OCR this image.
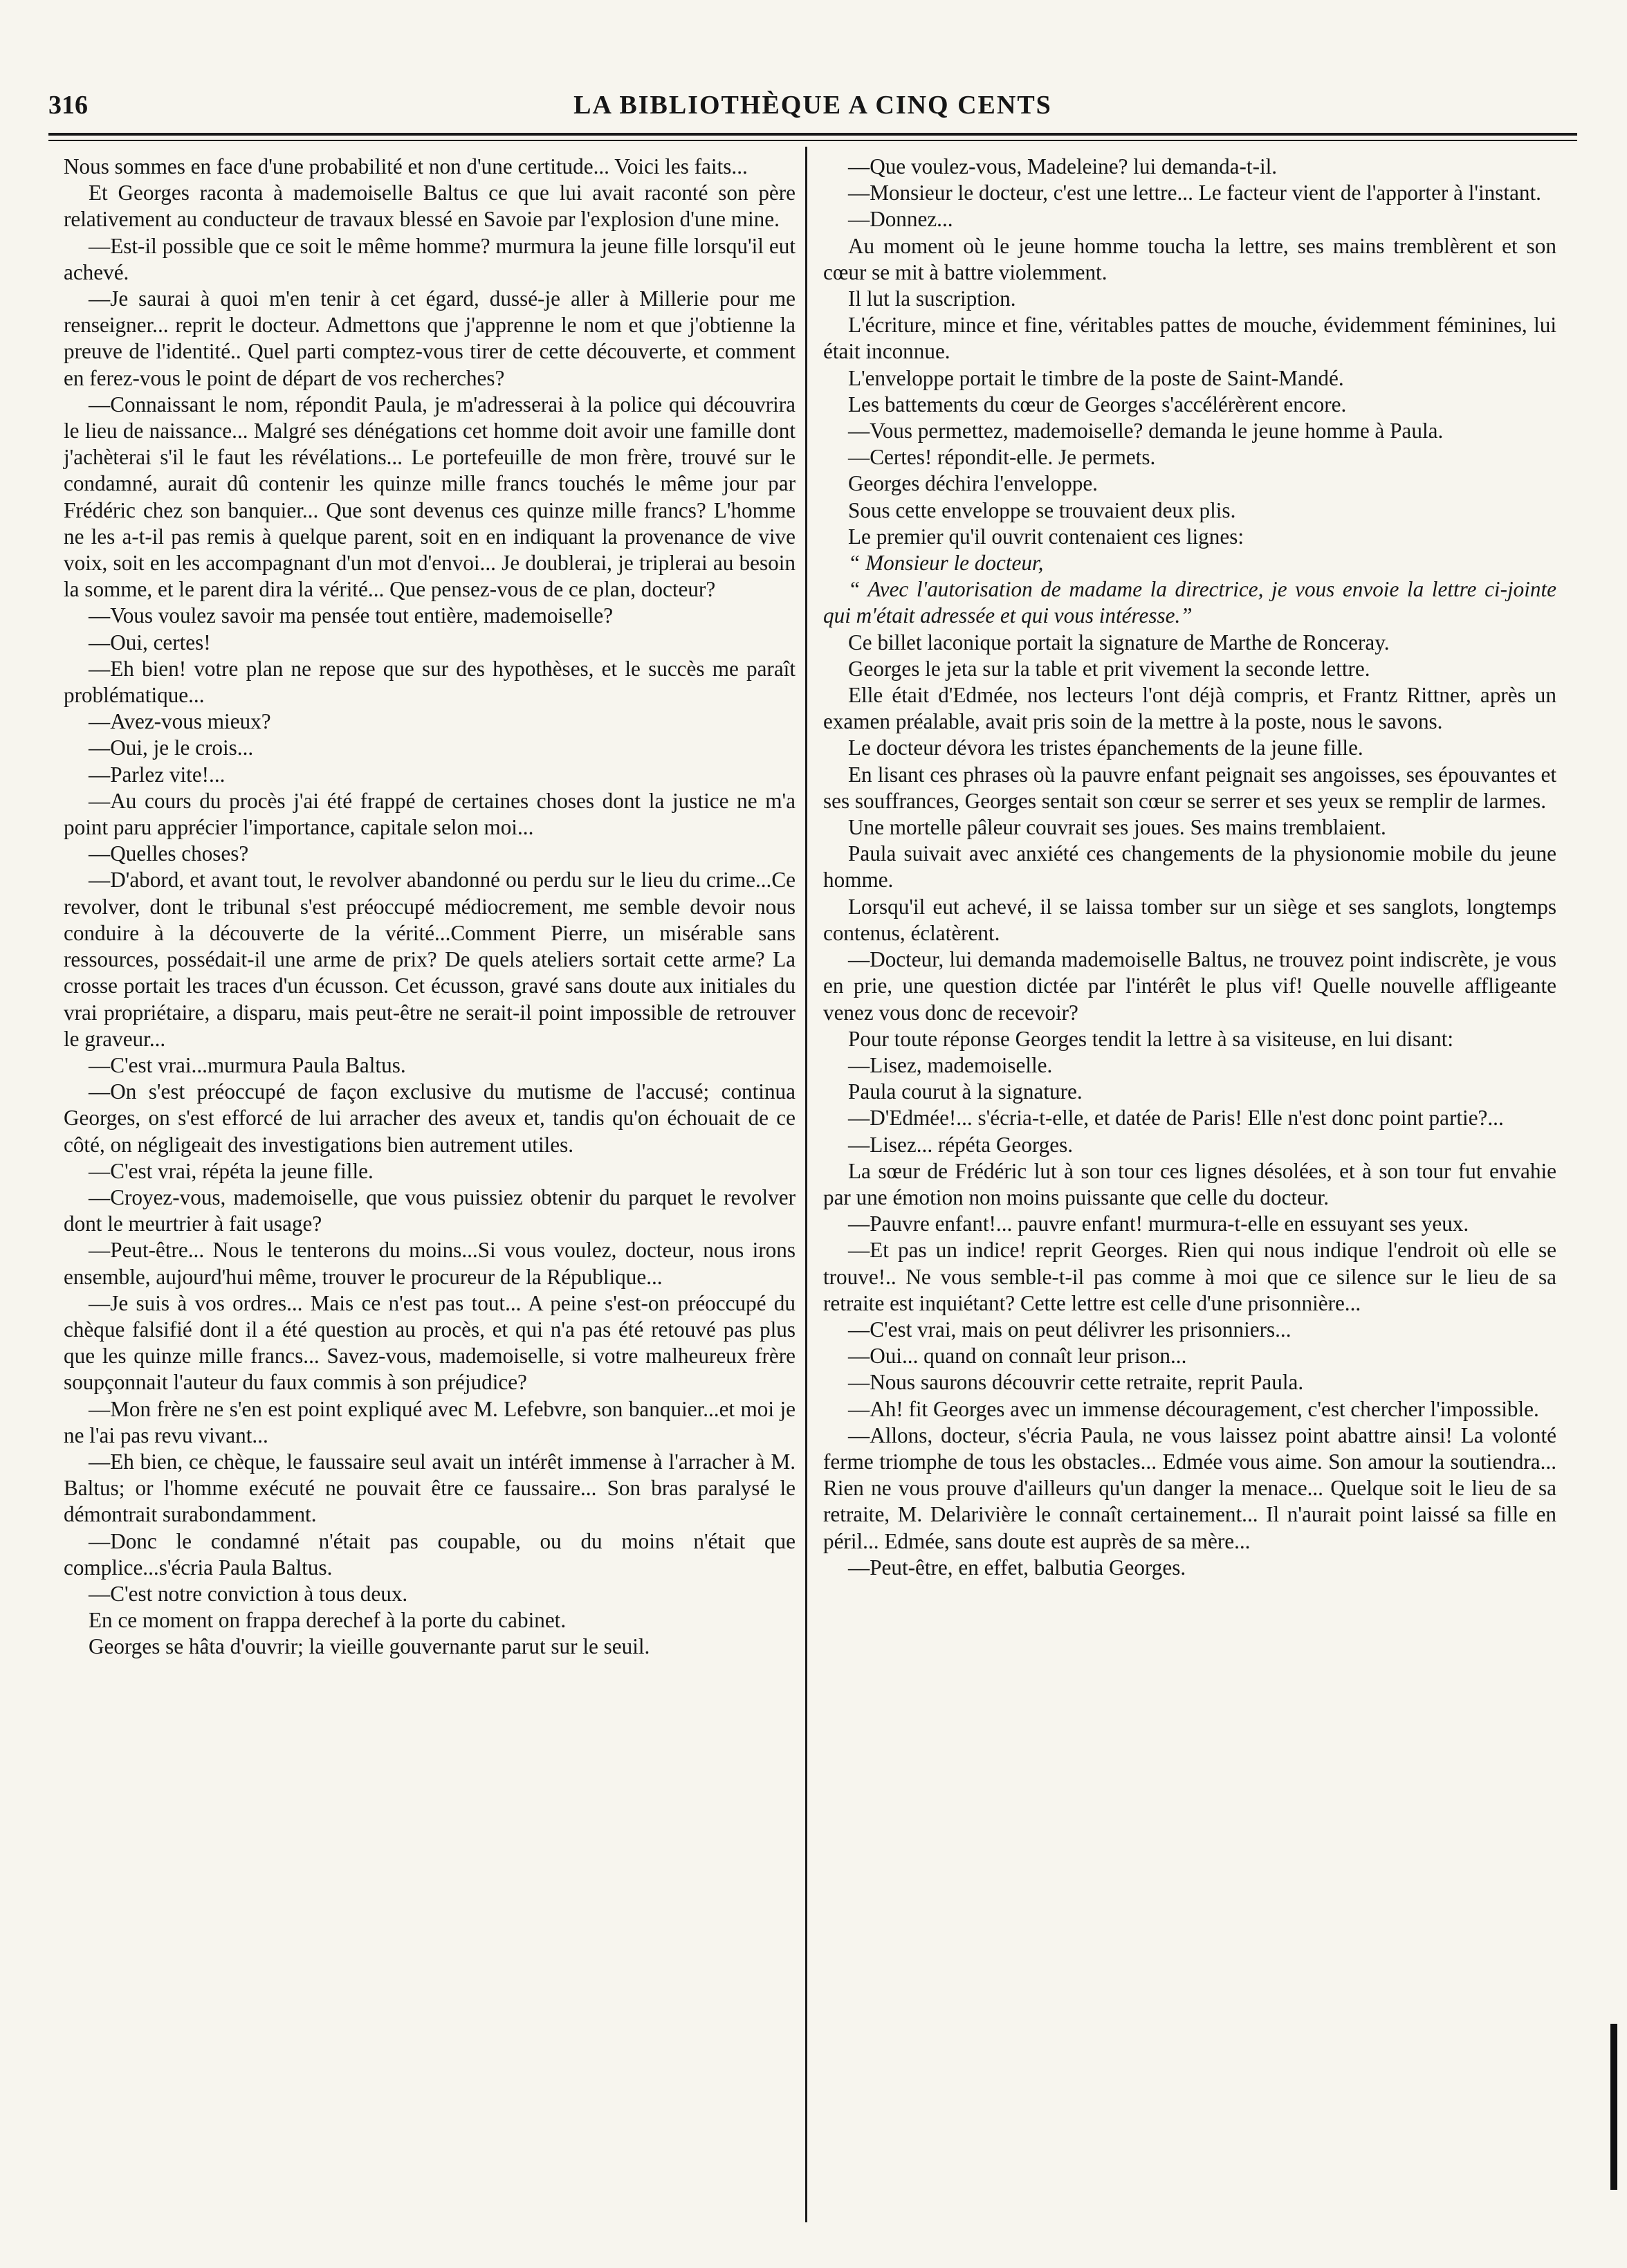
316	LA BIBLIOTHÈQUE A CINQ CENTS

Nous sommes en face d'une probabilité et non d'une certitude... Voici les faits...

Et Georges raconta à mademoiselle Baltus ce que lui avait raconté son père relativement au conducteur de travaux blessé en Savoie par l'explosion d'une mine.

—Est-il possible que ce soit le même homme? murmura la jeune fille lorsqu'il eut achevé.

—Je saurai à quoi m'en tenir à cet égard, dussé-je aller à Millerie pour me renseigner... reprit le docteur. Admettons que j'apprenne le nom et que j'obtienne la preuve de l'identité.. Quel parti comptez-vous tirer de cette découverte, et comment en ferez-vous le point de départ de vos recherches?

—Connaissant le nom, répondit Paula, je m'adresserai à la police qui découvrira le lieu de naissance... Malgré ses dénégations cet homme doit avoir une famille dont j'achèterai s'il le faut les révélations... Le portefeuille de mon frère, trouvé sur le condamné, aurait dû contenir les quinze mille francs touchés le même jour par Frédéric chez son banquier... Que sont devenus ces quinze mille francs? L'homme ne les a-t-il pas remis à quelque parent, soit en en indiquant la provenance de vive voix, soit en les accompagnant d'un mot d'envoi... Je doublerai, je triplerai au besoin la somme, et le parent dira la vérité... Que pensez-vous de ce plan, docteur?

—Vous voulez savoir ma pensée tout entière, mademoiselle?

—Oui, certes!

—Eh bien! votre plan ne repose que sur des hypothèses, et le succès me paraît problématique...

—Avez-vous mieux?

—Oui, je le crois...

—Parlez vite!...

—Au cours du procès j'ai été frappé de certaines choses dont la justice ne m'a point paru apprécier l'importance, capitale selon moi...

—Quelles choses?

—D'abord, et avant tout, le revolver abandonné ou perdu sur le lieu du crime...Ce revolver, dont le tribunal s'est préoccupé médiocrement, me semble devoir nous conduire à la découverte de la vérité...Comment Pierre, un misérable sans ressources, possédait-il une arme de prix? De quels ateliers sortait cette arme? La crosse portait les traces d'un écusson. Cet écusson, gravé sans doute aux initiales du vrai propriétaire, a disparu, mais peut-être ne serait-il point impossible de retrouver le graveur...

—C'est vrai...murmura Paula Baltus.

—On s'est préoccupé de façon exclusive du mutisme de l'accusé; continua Georges, on s'est efforcé de lui arracher des aveux et, tandis qu'on échouait de ce côté, on négligeait des investigations bien autrement utiles.

—C'est vrai, répéta la jeune fille.

—Croyez-vous, mademoiselle, que vous puissiez obtenir du parquet le revolver dont le meurtrier à fait usage?

—Peut-être... Nous le tenterons du moins...Si vous voulez, docteur, nous irons ensemble, aujourd'hui même, trouver le procureur de la République...

—Je suis à vos ordres... Mais ce n'est pas tout... A peine s'est-on préoccupé du chèque falsifié dont il a été question au procès, et qui n'a pas été retouvé pas plus que les quinze mille francs... Savez-vous, mademoiselle, si votre malheureux frère soupçonnait l'auteur du faux commis à son préjudice?

—Mon frère ne s'en est point expliqué avec M. Lefebvre, son banquier...et moi je ne l'ai pas revu vivant...

—Eh bien, ce chèque, le faussaire seul avait un intérêt immense à l'arracher à M. Baltus; or l'homme exécuté ne pouvait être ce faussaire... Son bras paralysé le démontrait surabondamment.

—Donc le condamné n'était pas coupable, ou du moins n'était que complice...s'écria Paula Baltus.

—C'est notre conviction à tous deux.

En ce moment on frappa derechef à la porte du cabinet.

Georges se hâta d'ouvrir; la vieille gouvernante parut sur le seuil.

—Que voulez-vous, Madeleine? lui demanda-t-il.

—Monsieur le docteur, c'est une lettre... Le facteur vient de l'apporter à l'instant.

—Donnez...

Au moment où le jeune homme toucha la lettre, ses mains tremblèrent et son cœur se mit à battre violemment.

Il lut la suscription.

L'écriture, mince et fine, véritables pattes de mouche, évidemment féminines, lui était inconnue.

L'enveloppe portait le timbre de la poste de Saint-Mandé.

Les battements du cœur de Georges s'accélérèrent encore.

—Vous permettez, mademoiselle? demanda le jeune homme à Paula.

—Certes! répondit-elle. Je permets.

Georges déchira l'enveloppe.

Sous cette enveloppe se trouvaient deux plis.

Le premier qu'il ouvrit contenaient ces lignes:

“ Monsieur le docteur,

“ Avec l'autorisation de madame la directrice, je vous envoie la lettre ci-jointe qui m'était adressée et qui vous intéresse.”

Ce billet laconique portait la signature de Marthe de Ronceray.

Georges le jeta sur la table et prit vivement la seconde lettre.

Elle était d'Edmée, nos lecteurs l'ont déjà compris, et Frantz Rittner, après un examen préalable, avait pris soin de la mettre à la poste, nous le savons.

Le docteur dévora les tristes épanchements de la jeune fille.

En lisant ces phrases où la pauvre enfant peignait ses angoisses, ses épouvantes et ses souffrances, Georges sentait son cœur se serrer et ses yeux se remplir de larmes.

Une mortelle pâleur couvrait ses joues. Ses mains tremblaient.

Paula suivait avec anxiété ces changements de la physionomie mobile du jeune homme.

Lorsqu'il eut achevé, il se laissa tomber sur un siège et ses sanglots, longtemps contenus, éclatèrent.

—Docteur, lui demanda mademoiselle Baltus, ne trouvez point indiscrète, je vous en prie, une question dictée par l'intérêt le plus vif! Quelle nouvelle affligeante venez vous donc de recevoir?

Pour toute réponse Georges tendit la lettre à sa visiteuse, en lui disant:

—Lisez, mademoiselle.

Paula courut à la signature.

—D'Edmée!... s'écria-t-elle, et datée de Paris! Elle n'est donc point partie?...

—Lisez... répéta Georges.

La sœur de Frédéric lut à son tour ces lignes désolées, et à son tour fut envahie par une émotion non moins puissante que celle du docteur.

—Pauvre enfant!... pauvre enfant! murmura-t-elle en essuyant ses yeux.

—Et pas un indice! reprit Georges. Rien qui nous indique l'endroit où elle se trouve!.. Ne vous semble-t-il pas comme à moi que ce silence sur le lieu de sa retraite est inquiétant? Cette lettre est celle d'une prisonnière...

—C'est vrai, mais on peut délivrer les prisonniers...

—Oui... quand on connaît leur prison...

—Nous saurons découvrir cette retraite, reprit Paula.

—Ah! fit Georges avec un immense découragement, c'est chercher l'impossible.

—Allons, docteur, s'écria Paula, ne vous laissez point abattre ainsi! La volonté ferme triomphe de tous les obstacles... Edmée vous aime. Son amour la soutiendra... Rien ne vous prouve d'ailleurs qu'un danger la menace... Quelque soit le lieu de sa retraite, M. Delarivière le connaît certainement... Il n'aurait point laissé sa fille en péril... Edmée, sans doute est auprès de sa mère...

—Peut-être, en effet, balbutia Georges.
